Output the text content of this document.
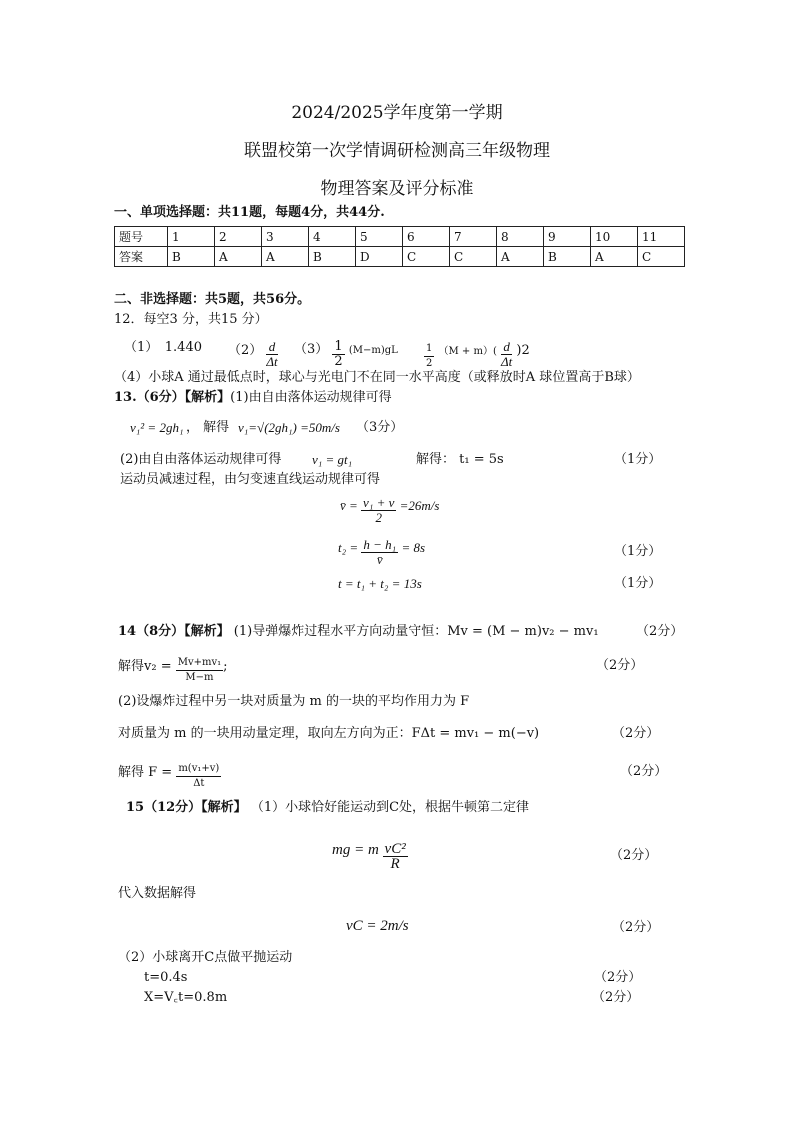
2024/2025学年度第一学期
联盟校第一次学情调研检测高三年级物理
物理答案及评分标准
一、单项选择题：共11题，每题4分，共44分.
题号	1	2	3	4	5	6	7	8	9	10	11
答案	B	A	A	B	D	C	C	A	B	A	C
二、非选择题：共5题，共56分。
12．每空3 分，共15 分）
（1）　1.440 $(2) \frac{d}{\Delta t} (3) \frac{1}{2} (M-m)gL$	$\frac{1}{2} (M + m)( \frac{d}{\Delta t} )2$
（4）小球A 通过最低点时，球心与光电门不在同一水平高度（或释放时A 球位置高于B球）
13.（6分）【解析】(1)由自由落体运动规律可得
v₁² = 2gh₁ ， 解得 v₁=√(2gh₁) =50m/s （3分）
(2)由自由落体运动规律可得 v₁ = gt₁	解得： t₁ = 5s	（1分）
运动员减速过程，由匀变速直线运动规律可得
v̄ = $\frac{\text{v₁ + v}}{2} =26m/s$
$t_2 = \frac{\text{h − h₁}}{v̄} = 8s$	（1分）
t = t₁ + t₂ = 13s	（1分）
14（8分）【解析】 (1)导弹爆炸过程水平方向动量守恒：Mv = (M − m)v₂ − mv₁	（2分）
解得$v_2 = \frac{\text{Mv+mv₁}}{M-m}$ ;	（2分）
(2)设爆炸过程中另一块对质量为 m 的一块的平均作用力为 F
对质量为 m 的一块用动量定理，取向左方向为正：FΔt = mv₁ − m(−v)	（2分）
解得 $F = \frac{\text{m(v₁+v)}}{\Delta t}$	（2分）
15（12分）【解析】 （1）小球恰好能运动到C处，根据牛顿第二定律
mg = m $\frac{\text{vC²}}{R}$	（2分）
代入数据解得
vC = 2m/s	（2分）
（2）小球离开C点做平抛运动
t=0.4s	（2分）
X=V꜀t=0.8m	（2分）
